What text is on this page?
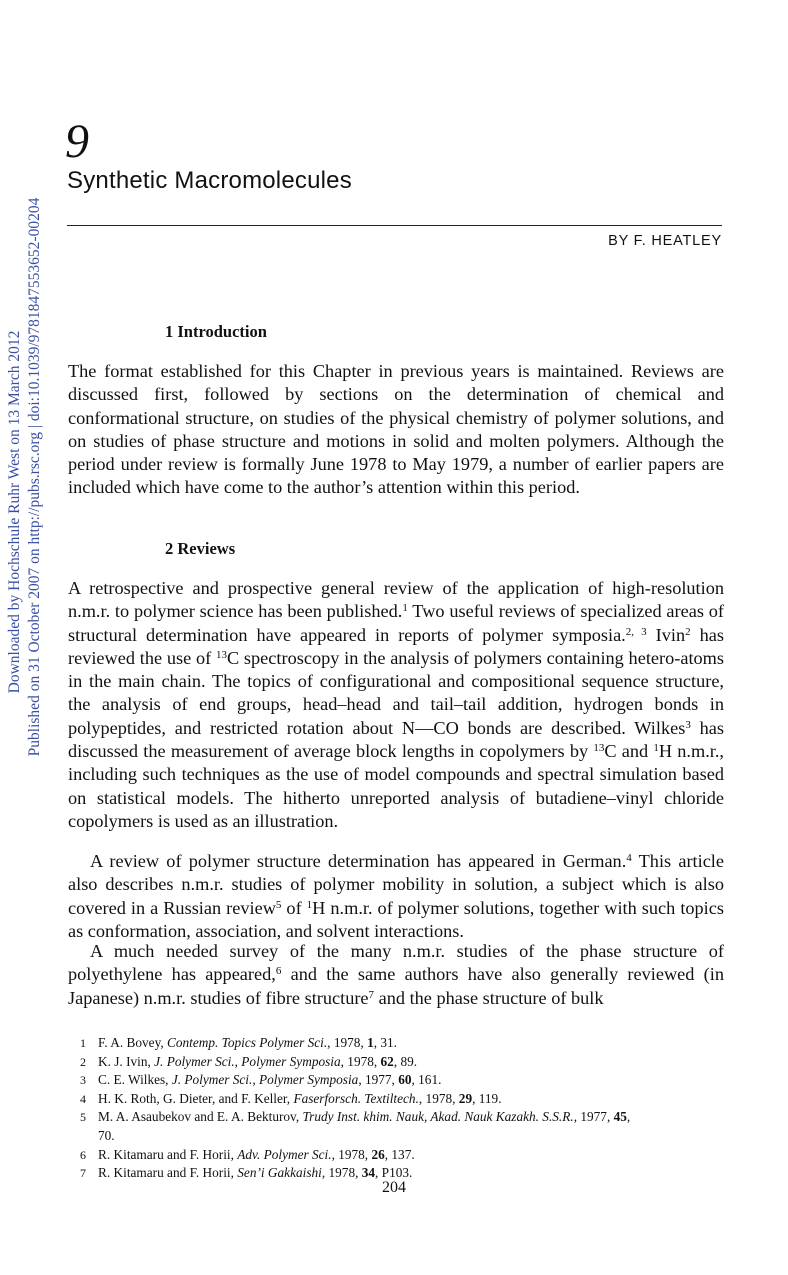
Downloaded by Hochschule Ruhr West on 13 March 2012 Published on 31 October 2007 on http://pubs.rsc.org | doi:10.1039/9781847553652-00204
9
Synthetic Macromolecules
BY F. HEATLEY
1 Introduction
The format established for this Chapter in previous years is maintained. Reviews are discussed first, followed by sections on the determination of chemical and conformational structure, on studies of the physical chemistry of polymer solutions, and on studies of phase structure and motions in solid and molten polymers. Although the period under review is formally June 1978 to May 1979, a number of earlier papers are included which have come to the author’s attention within this period.
2 Reviews
A retrospective and prospective general review of the application of high-resolution n.m.r. to polymer science has been published.$^1$ Two useful reviews of specialized areas of structural determination have appeared in reports of polymer symposia.$^{2, 3}$ Ivin$^2$ has reviewed the use of $^{13}$C spectroscopy in the analysis of polymers containing hetero-atoms in the main chain. The topics of configurational and compositional sequence structure, the analysis of end groups, head–head and tail–tail addition, hydrogen bonds in polypeptides, and restricted rotation about N—CO bonds are described. Wilkes$^3$ has discussed the measurement of average block lengths in copolymers by $^{13}$C and $^1$H n.m.r., including such techniques as the use of model compounds and spectral simulation based on statistical models. The hitherto unreported analysis of butadiene–vinyl chloride copolymers is used as an illustration.
A review of polymer structure determination has appeared in German.$^4$ This article also describes n.m.r. studies of polymer mobility in solution, a subject which is also covered in a Russian review$^5$ of $^1$H n.m.r. of polymer solutions, together with such topics as conformation, association, and solvent interactions.
A much needed survey of the many n.m.r. studies of the phase structure of polyethylene has appeared,$^6$ and the same authors have also generally reviewed (in Japanese) n.m.r. studies of fibre structure$^7$ and the phase structure of bulk
1 F. A. Bovey, Contemp. Topics Polymer Sci., 1978, 1, 31.
2 K. J. Ivin, J. Polymer Sci., Polymer Symposia, 1978, 62, 89.
3 C. E. Wilkes, J. Polymer Sci., Polymer Symposia, 1977, 60, 161.
4 H. K. Roth, G. Dieter, and F. Keller, Faserforsch. Textiltech., 1978, 29, 119.
5 M. A. Asaubekov and E. A. Bekturov, Trudy Inst. khim. Nauk, Akad. Nauk Kazakh. S.S.R., 1977, 45,
70.
6 R. Kitamaru and F. Horii, Adv. Polymer Sci., 1978, 26, 137.
7 R. Kitamaru and F. Horii, Sen’i Gakkaishi, 1978, 34, P103.
204
